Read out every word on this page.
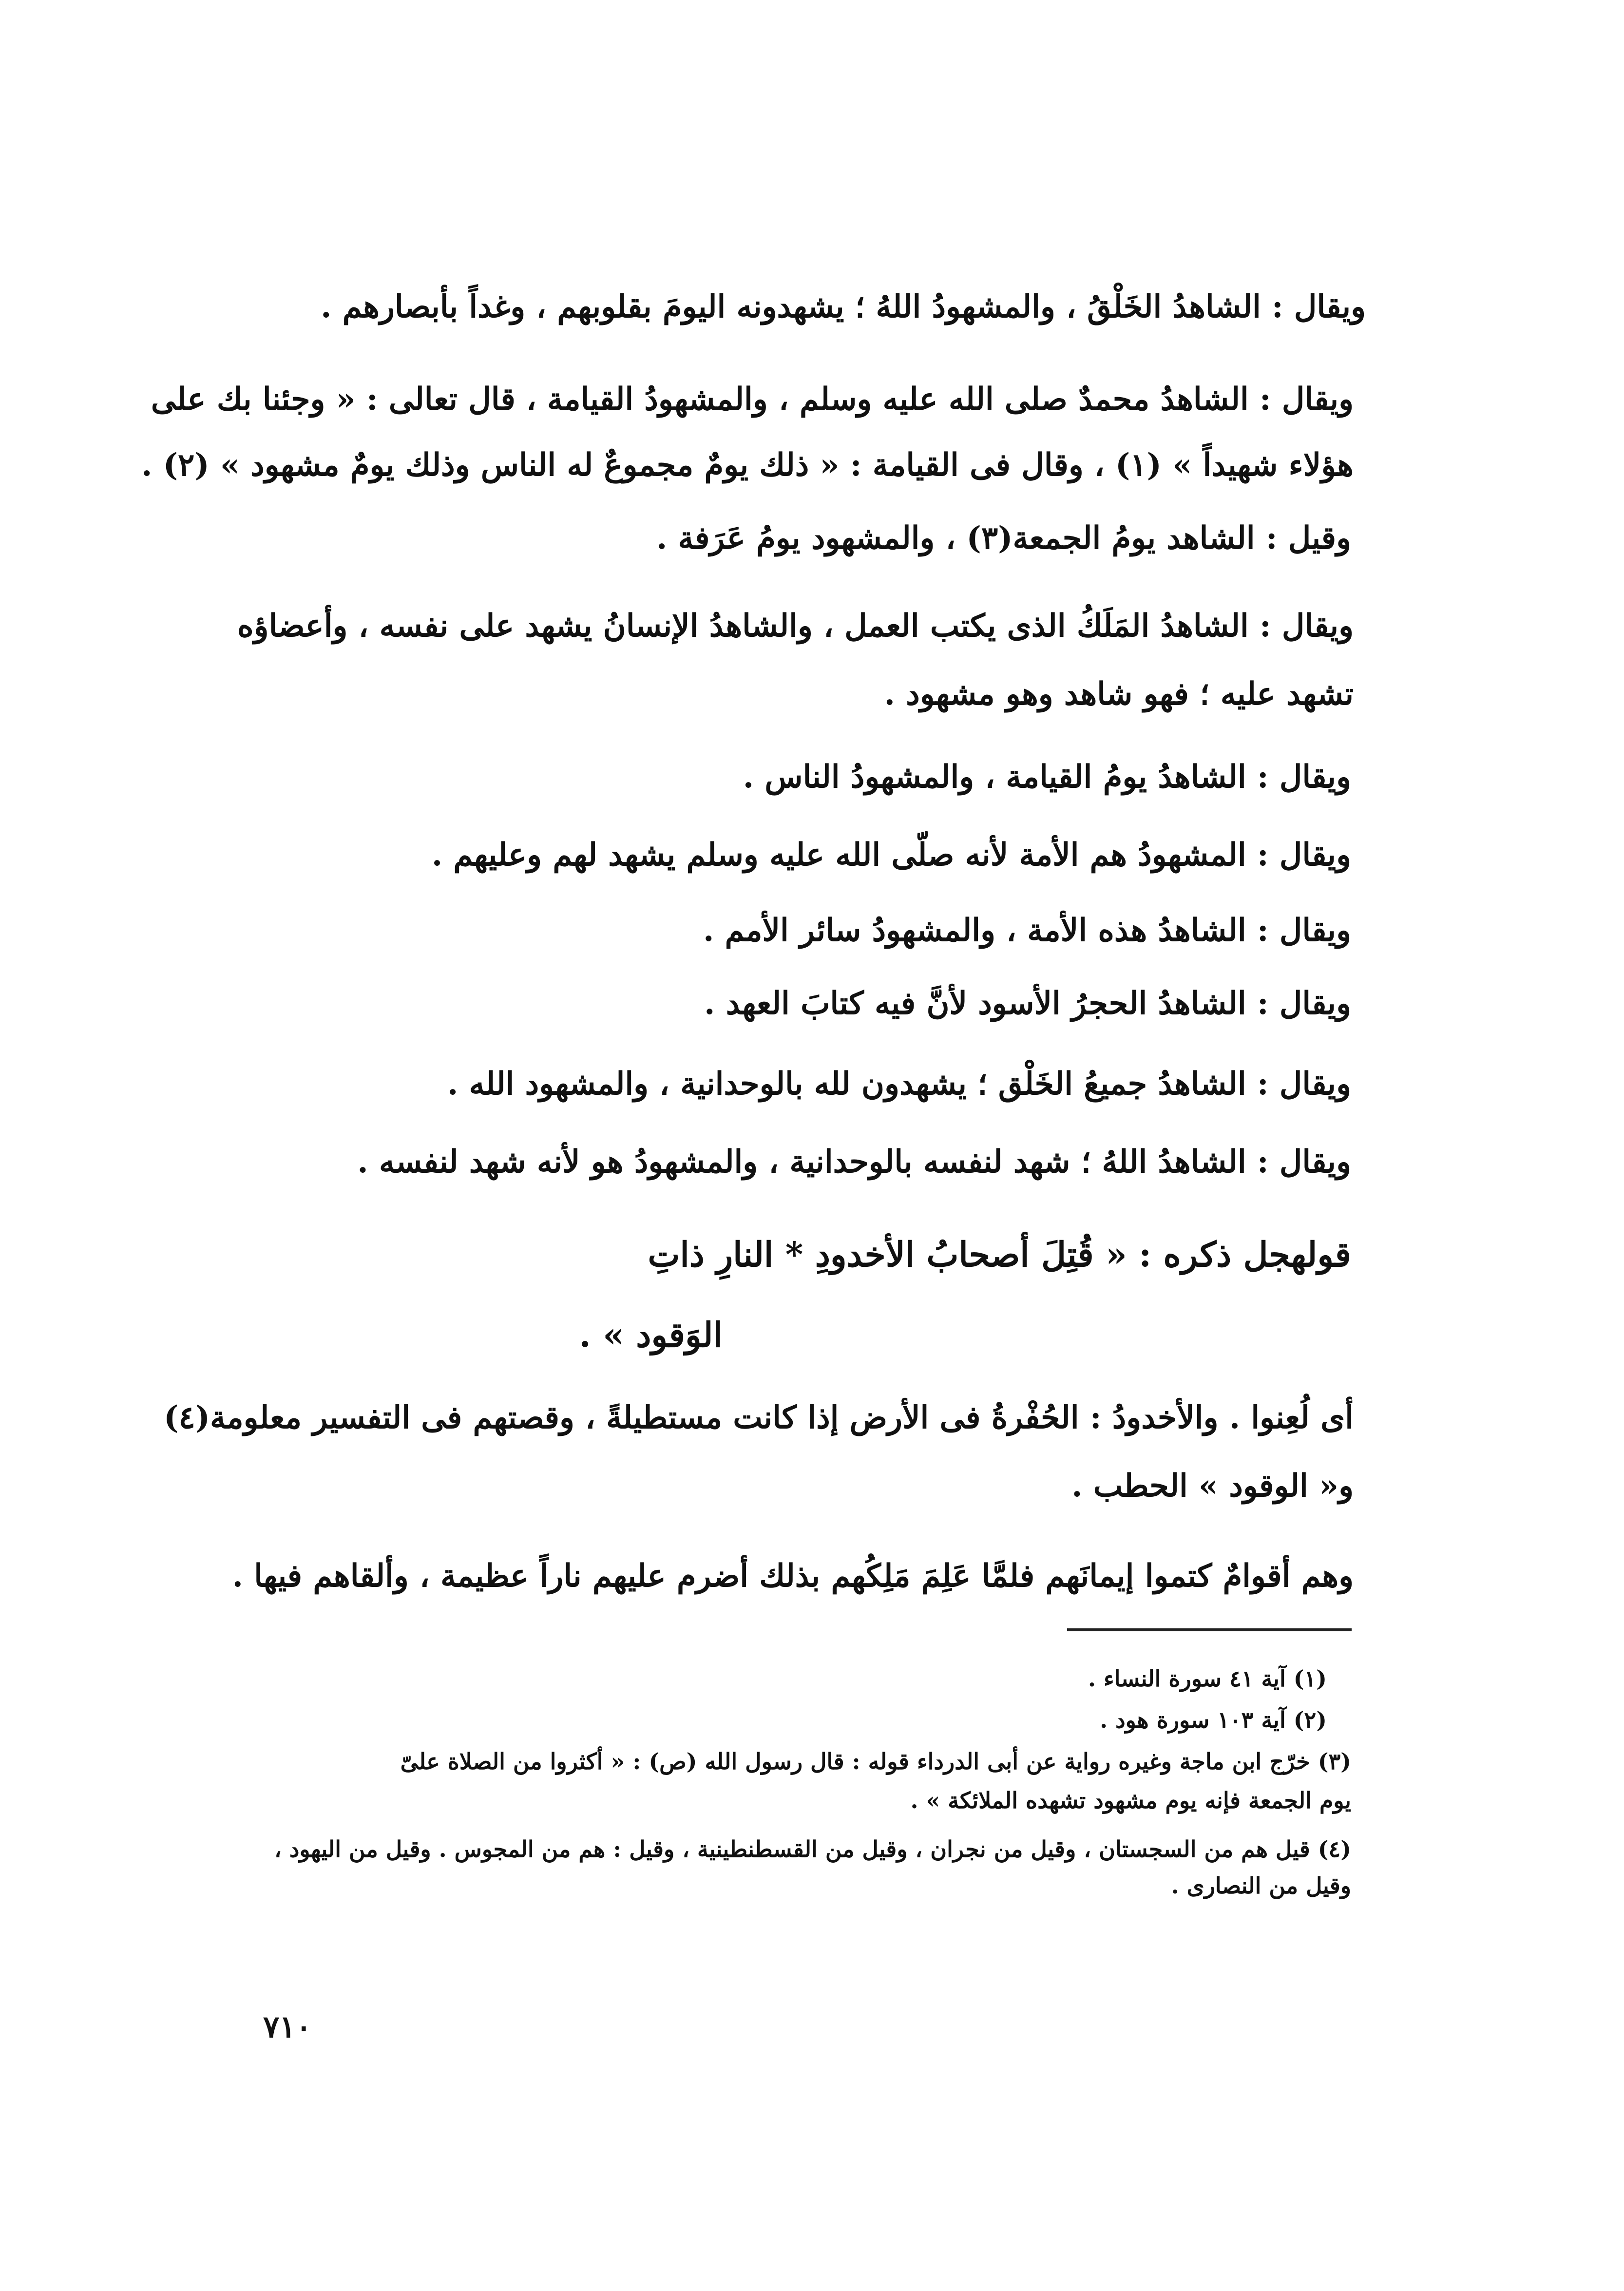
ويقال : الشاهدُ الخَلْقُ ، والمشهودُ اللهُ ؛ يشهدونه اليومَ بقلوبهم ، وغداً بأبصارهم .
ويقال : الشاهدُ محمدٌ صلى الله عليه وسلم ، والمشهودُ القيامة ، قال تعالى : « وجئنا بك على
هؤلاء شهيداً » (١) ، وقال فى القيامة : « ذلك يومٌ مجموعٌ له الناس وذلك يومٌ مشهود » (٢) .
وقيل : الشاهد يومُ الجمعة(٣) ، والمشهود يومُ عَرَفة .
ويقال : الشاهدُ المَلَكُ الذى يكتب العمل ، والشاهدُ الإنسانُ يشهد على نفسه ، وأعضاؤه
تشهد عليه ؛ فهو شاهد وهو مشهود .
ويقال : الشاهدُ يومُ القيامة ، والمشهودُ الناس .
ويقال : المشهودُ هم الأمة لأنه صلّى الله عليه وسلم يشهد لهم وعليهم .
ويقال : الشاهدُ هذه الأمة ، والمشهودُ سائر الأمم .
ويقال : الشاهدُ الحجرُ الأسود لأنَّ فيه كتابَ العهد .
ويقال : الشاهدُ جميعُ الخَلْق ؛ يشهدون لله بالوحدانية ، والمشهود الله .
ويقال : الشاهدُ اللهُ ؛ شهد لنفسه بالوحدانية ، والمشهودُ هو لأنه شهد لنفسه .
قولهجل ذكره : « قُتِلَ أصحابُ الأخدودِ * النارِ ذاتِ
الوَقود » .
أى لُعِنوا . والأخدودُ : الحُفْرةُ فى الأرض إذا كانت مستطيلةً ، وقصتهم فى التفسير معلومة(٤)
و« الوقود » الحطب .
وهم أقوامٌ كتموا إيمانَهم فلمَّا عَلِمَ مَلِكُهم بذلك أضرم عليهم ناراً عظيمة ، وألقاهم فيها .
(١) آية ٤١ سورة النساء .
(٢) آية ١٠٣ سورة هود .
(٣) خرّج ابن ماجة وغيره رواية عن أبى الدرداء قوله : قال رسول الله (ص) : « أكثروا من الصلاة علىّ
يوم الجمعة فإنه يوم مشهود تشهده الملائكة » .
(٤) قيل هم من السجستان ، وقيل من نجران ، وقيل من القسطنطينية ، وقيل : هم من المجوس . وقيل من اليهود ،
وقيل من النصارى .
٧١٠
